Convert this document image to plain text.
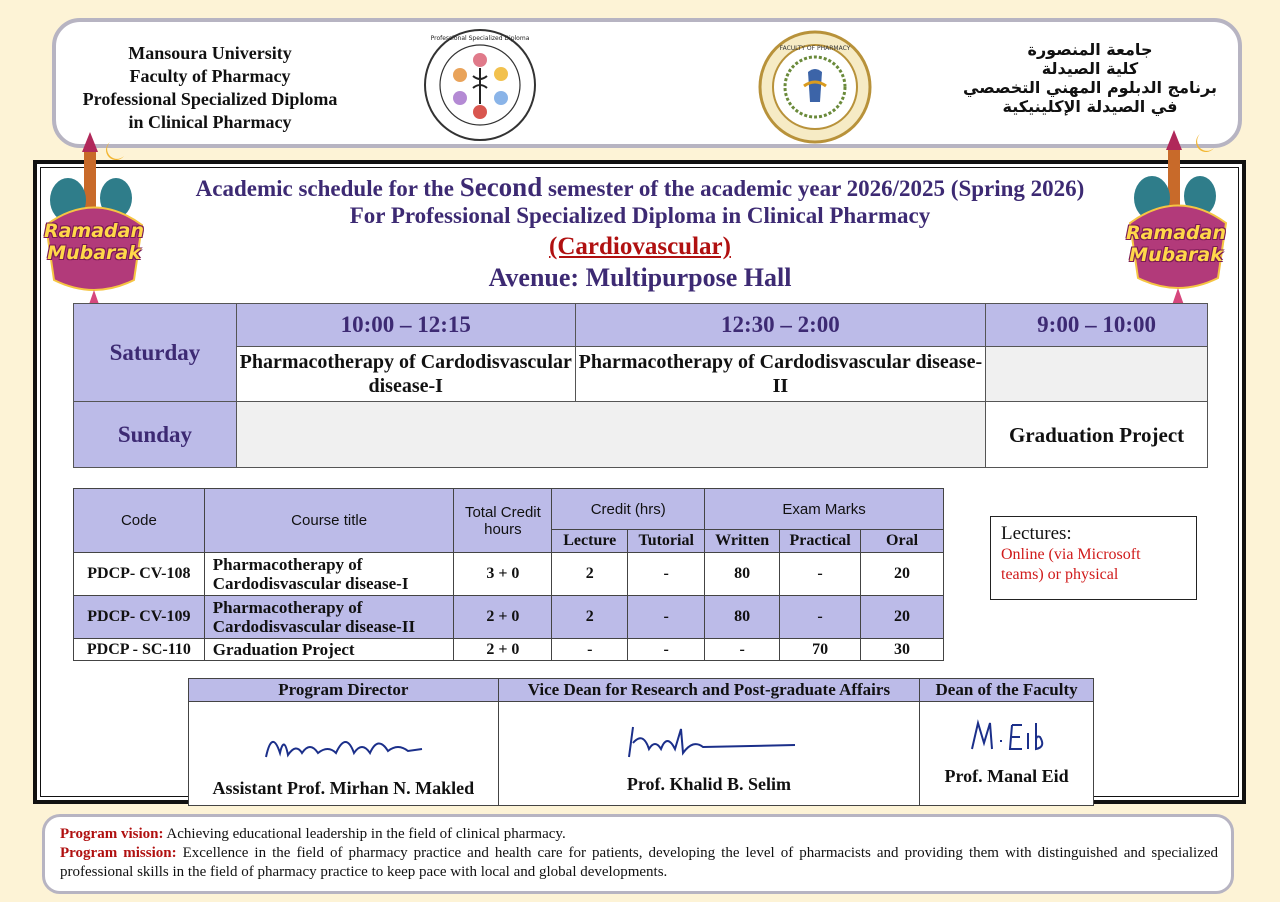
Mansoura University
Faculty of Pharmacy
Professional Specialized Diploma
in Clinical Pharmacy
جامعة المنصورة
كلية الصيدلة
برنامج الدبلوم المهني التخصصي
في الصيدلة الإكلينيكية
Professional Specialized Diploma
FACULTY OF PHARMACY
Ramadan
Mubarak
Ramadan
Mubarak
Academic schedule for the Second semester of the academic year 2026/2025 (Spring 2026)
For Professional Specialized Diploma in Clinical Pharmacy
(Cardiovascular)
Avenue: Multipurpose Hall
Saturday	10:00 – 12:15	12:30 – 2:00	9:00 – 10:00
	Pharmacotherapy of Cardodisvascular disease-I	Pharmacotherapy of Cardodisvascular disease-II	
Sunday			Graduation Project
Code	Course title	Total Credit hours	Credit (hrs)		Exam Marks		
			Lecture	Tutorial	Written	Practical	Oral
PDCP- CV-108	Pharmacotherapy of Cardodisvascular disease-I	3 + 0	2	-	80	-	20
PDCP- CV-109	Pharmacotherapy of Cardodisvascular disease-II	2 + 0	2	-	80	-	20
PDCP - SC-110	Graduation Project	2 + 0	-	-	-	70	30
Lectures:
Online (via Microsoft teams) or physical
Program Director	Vice Dean for Research and Post-graduate Affairs	Dean of the Faculty

Assistant Prof. Mirhan N. Makled	Prof. Khalid B. Selim	Prof. Manal Eid
Program vision: Achieving educational leadership in the field of clinical pharmacy.
Program mission: Excellence in the field of pharmacy practice and health care for patients, developing the level of pharmacists and providing them with distinguished and specialized professional skills in the field of pharmacy practice to keep pace with local and global developments.
